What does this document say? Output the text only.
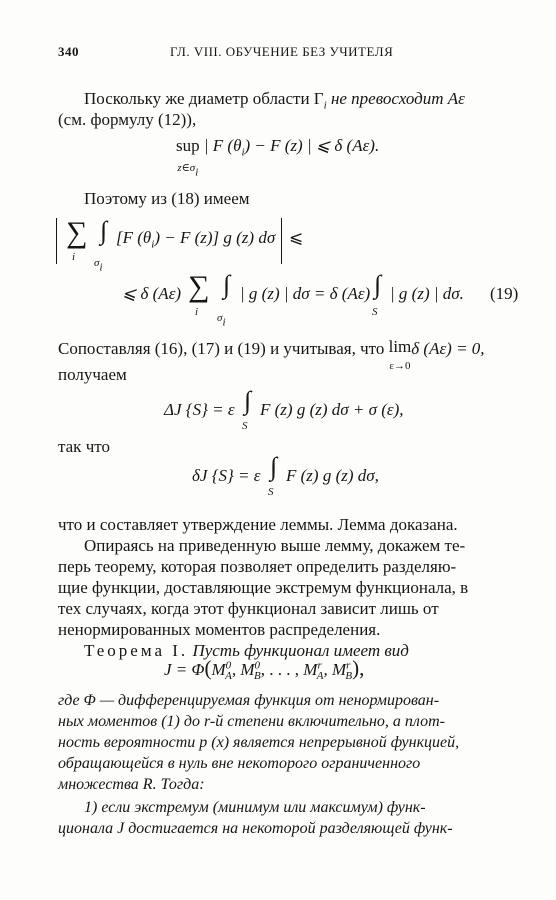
340	ГЛ. VIII. ОБУЧЕНИЕ БЕЗ УЧИТЕЛЯ
Поскольку же диаметр области $\Gamma_i$ не превосходит Aε
(см. формулу (12)),
sup
$z\in\sigma_i$ | F $(\theta_i) - F$ (z) | ⩽ δ (Aε).
Поэтому из (18) имеем
∑
i
∫
$\sigma_i$
[F $(\theta_i) - F$ (z)] g (z) dσ ⩽
⩽ δ (Aε) ∑
i
∫
$\sigma_i$
| g (z) | dσ = δ (Aε) ∫
S
| g (z) | dσ. (19)
Сопоставляя (16), (17) и (19) и учитывая, что lim
ε→0δ (Aε) = 0,
получаем
ΔJ {S} = ε ∫
S
F (z) g (z) dσ + σ (ε),
так что
δJ {S} = ε ∫
S
F (z) g (z) dσ,
что и составляет утверждение леммы. Лемма доказана.
Опираясь на приведенную выше лемму, докажем те-
перь теорему, которая позволяет определить разделяю-
щие функции, доставляющие экстремум функционала, в
тех случаях, когда этот функционал зависит лишь от
ненормированных моментов распределения.
Теорема I. Пусть функционал имеет вид
$J = \Phi(M^0_A$, $M^0_B$, . . . , $M^r_A$, $M^r_B$),
где Φ — дифференцируемая функция от ненормирован-
ных моментов (1) до r-й степени включительно, а плот-
ность вероятности p (x) является непрерывной функцией,
обращающейся в нуль вне некоторого ограниченного
множества R. Тогда:
1) если экстремум (минимум или максимум) функ-
ционала J достигается на некоторой разделяющей функ-
